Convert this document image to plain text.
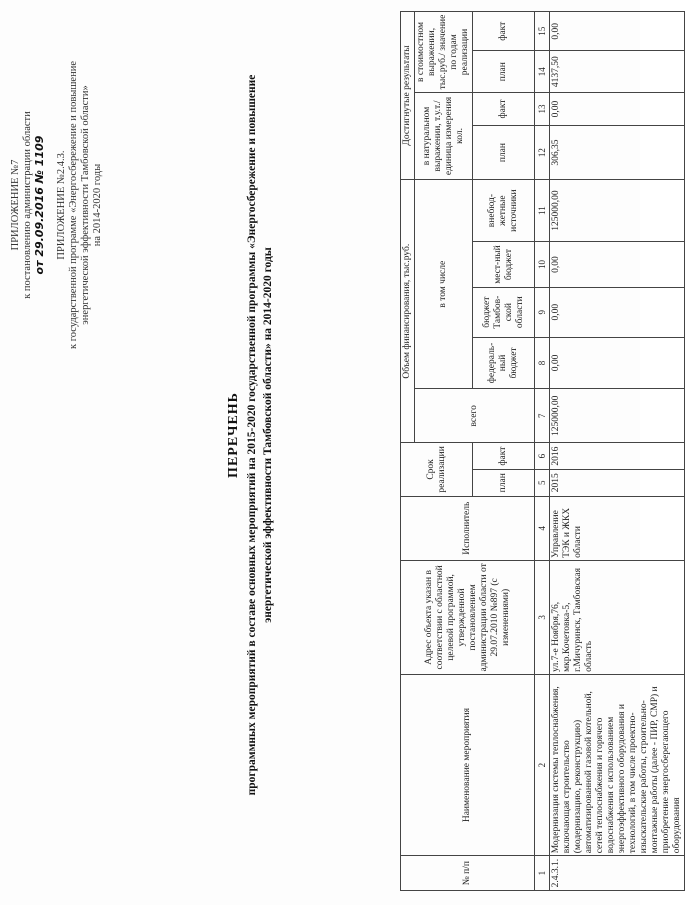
ПРИЛОЖЕНИЕ №7 к постановлению администрации области от 29.09.2016 № 1109 ПРИЛОЖЕНИЕ №2.4.3. к государственной программе «Энергосбережение и повышение энергетической эффективности Тамбовской области» на 2014-2020 годы
ПЕРЕЧЕНЬ программных мероприятий в составе основных мероприятий на 2015-2020 государственной программы «Энергосбережение и повышение энергетической эффективности Тамбовской области» на 2014-2020 годы
№ п/п	Наименование мероприятия	Адрес объекта указан в соответствии с областной целевой программой, утвержденной постановлением администрации области от 29.07.2010 №897 (с изменениями)	Исполнитель	Срок реализации		Объем финансирования, тыс.руб.					Достигнутые результаты			
						всего	в том числе				в натуральном выражении, т.у.т./ единица измерения кол.		в стоимостном выражении, тыс.руб./ значение по годам реализации	
				план	факт		федераль-ный бюджет	бюджет Тамбов-ской области	мест-ный бюджет	внебюд-жетные источники	план	факт	план	факт
1	2	3	4	5	6	7	8	9	10	11	12	13	14	15
2.4.3.1.	Модернизация системы теплоснабжения, включающая строительство (модернизацию, реконструкцию) автоматизированной газовой котельной, сетей теплоснабжения и горячего водоснабжения с использованием энергоэффективного оборудования и технологий, в том числе проектно-изыскательские работы, строительно-монтажные работы (далее - ПИР, СМР) и приобретение энергосберегающего оборудования	ул.7-е Ноября,76, мкр.Кочетовка-5, г.Мичуринск, Тамбовская область	Управление ТЭК и ЖКХ области	2015	2016	125000,00	0,00	0,00	0,00	125000,00	306,35	0,00	4137,50	0,00
